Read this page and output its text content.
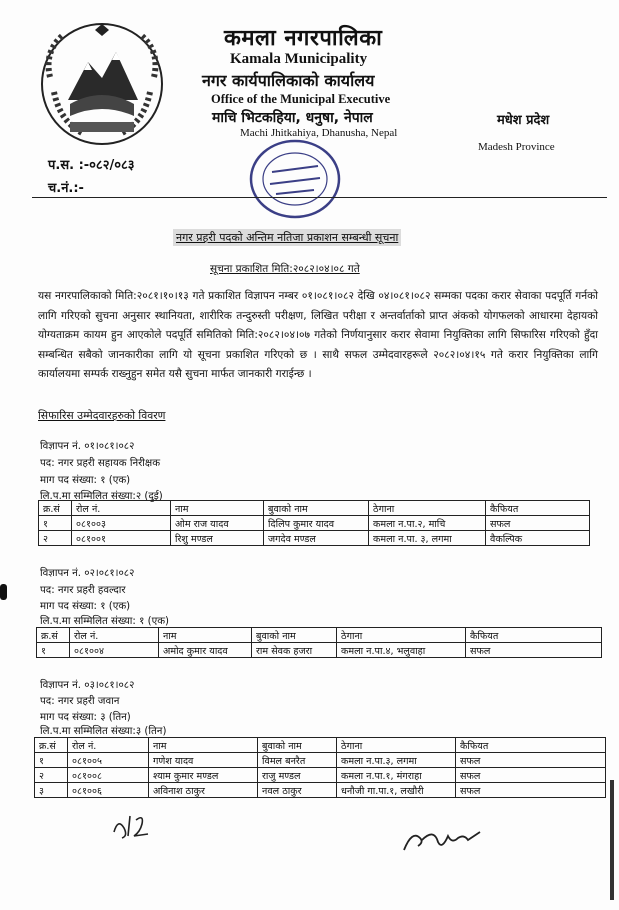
कमला नगरपालिका
Kamala Municipality
नगर कार्यपालिकाको कार्यालय
Office of the Municipal Executive
माचि भिटकहिया, धनुषा, नेपाल
Machi Jhitkahiya, Dhanusha, Nepal
मधेश प्रदेश
Madesh Province
प.स. :-०८२/०८३
च.नं.:-
नगर प्रहरी पदको अन्तिम नतिजा प्रकाशन सम्बन्धी सूचना
सूचना प्रकाशित मिति:२०८२।०४।०८ गते
यस नगरपालिकाको मिति:२०८१।१०।१३ गते प्रकाशित विज्ञापन नम्बर ०१।०८१।०८२ देखि ०४।०८१।०८२ सम्मका पदका करार सेवाका पदपूर्ति गर्नको लागि गरिएको सुचना अनुसार स्थानियता, शारीरिक तन्दुरुस्ती परीक्षण, लिखित परीक्षा र अन्तर्वार्ताको प्राप्त अंकको योगफलको आधारमा देहायको योग्यताक्रम कायम हुन आएकोले पदपूर्ति समितिको मिति:२०८२।०४।०७ गतेको निर्णयानुसार करार सेवामा नियुक्तिका लागि सिफारिस गरिएको हुँदा सम्बन्धित सबैको जानकारीका लागि यो सूचना प्रकाशित गरिएको छ । साथै सफल उम्मेदवारहरूले २०८२।०४।१५ गते करार नियुक्तिका लागि कार्यालयमा सम्पर्क राख्नुहुन समेत यसै सुचना मार्फत जानकारी गराईन्छ ।
सिफारिस उम्मेदवारहरुको विवरण
विज्ञापन नं. ०१।०८१।०८२
पद: नगर प्रहरी सहायक निरीक्षक
माग पद संख्या: १ (एक)
लि.प.मा सम्मिलित संख्या:२ (दुई)
क्र.सं	रोल नं.	नाम	बुवाको नाम	ठेगाना	कैफियत
१	०८१००३	ओम राज यादव	दिलिप कुमार यादव	कमला न.पा.२, माचि	सफल
२	०८१००१	रिशु मण्डल	जगदेव मण्डल	कमला न.पा. ३, लगमा	वैकल्पिक
विज्ञापन नं. ०२।०८१।०८२
पद: नगर प्रहरी हवल्दार
माग पद संख्या: १ (एक)
लि.प.मा सम्मिलित संख्या: १ (एक)
क्र.सं	रोल नं.	नाम	बुवाको नाम	ठेगाना	कैफियत
१	०८१००४	अमोद कुमार यादव	राम सेवक हजरा	कमला न.पा.४, भलुवाहा	सफल
विज्ञापन नं. ०३।०८१।०८२
पद: नगर प्रहरी जवान
माग पद संख्या: ३ (तिन)
लि.प.मा सम्मिलित संख्या:३ (तिन)
क्र.सं	रोल नं.	नाम	बुवाको नाम	ठेगाना	कैफियत
१	०८१००५	गणेश यादव	विमल बनरैत	कमला न.पा.३, लगमा	सफल
२	०८१००८	श्याम कुमार मण्डल	राजु मण्डल	कमला न.पा.१, मंगराहा	सफल
३	०८१००६	अविनाश ठाकुर	नवल ठाकुर	धनौजी गा.पा.१, लखौरी	सफल
